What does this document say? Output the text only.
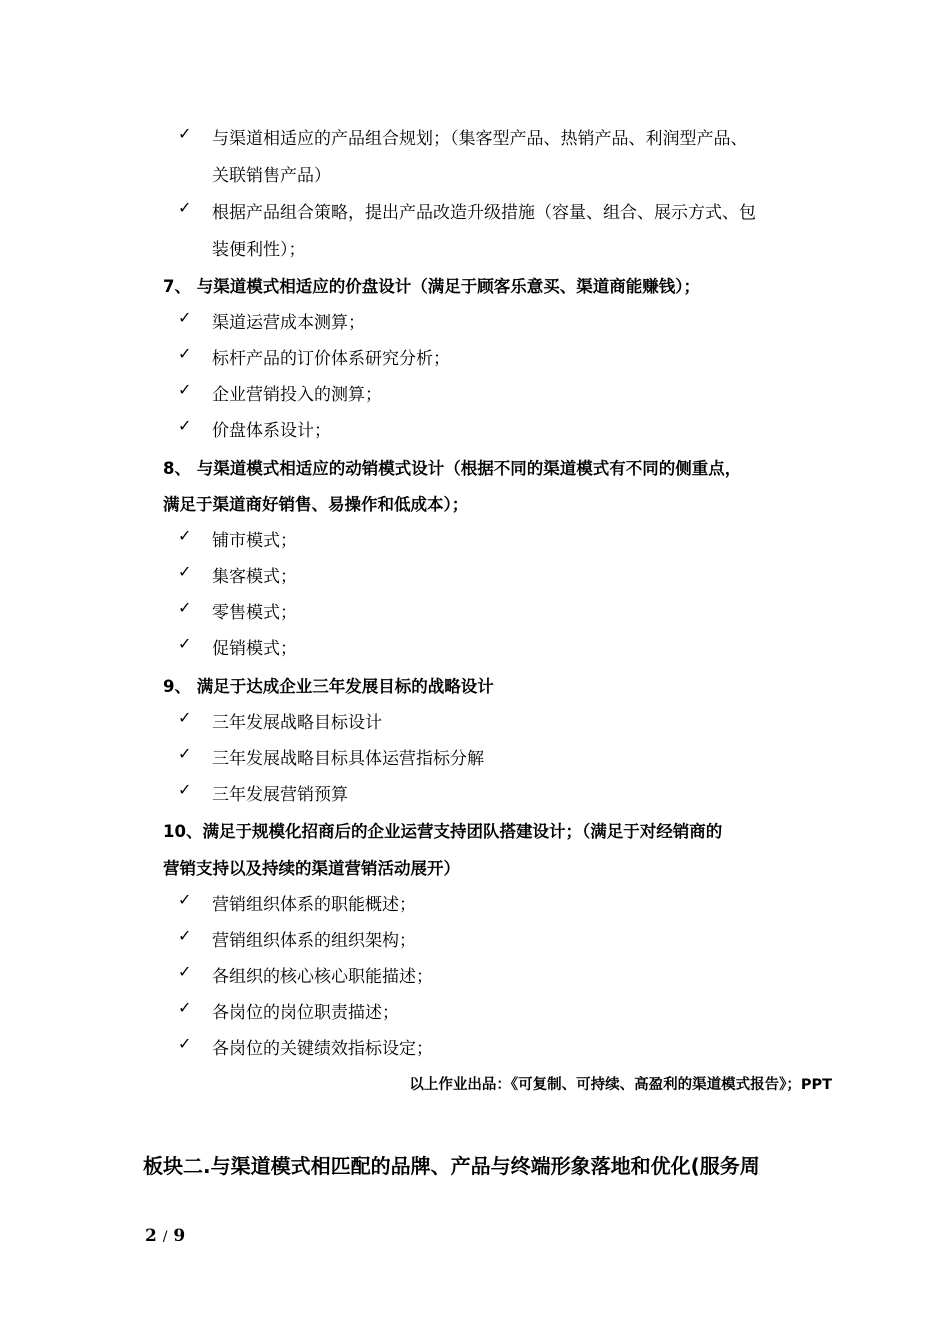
✓	与渠道相适应的产品组合规划；（集客型产品、热销产品、利润型产品、
关联销售产品）
✓	根据产品组合策略，提出产品改造升级措施（容量、组合、展示方式、包
装便利性）；
7、 与渠道模式相适应的价盘设计（满足于顾客乐意买、渠道商能赚钱）；
✓	渠道运营成本测算；
✓	标杆产品的订价体系研究分析；
✓	企业营销投入的测算；
✓	价盘体系设计；
8、 与渠道模式相适应的动销模式设计（根据不同的渠道模式有不同的侧重点，
满足于渠道商好销售、易操作和低成本）；
✓	铺市模式；
✓	集客模式；
✓	零售模式；
✓	促销模式；
9、 满足于达成企业三年发展目标的战略设计
✓	三年发展战略目标设计
✓	三年发展战略目标具体运营指标分解
✓	三年发展营销预算
10、满足于规模化招商后的企业运营支持团队搭建设计；（满足于对经销商的
营销支持以及持续的渠道营销活动展开）
✓	营销组织体系的职能概述；
✓	营销组织体系的组织架构；
✓	各组织的核心核心职能描述；
✓	各岗位的岗位职责描述；
✓	各岗位的关键绩效指标设定；
以上作业出品：《可复制、可持续、高盈利的渠道模式报告》；PPT
板块二.与渠道模式相匹配的品牌、产品与终端形象落地和优化(服务周
2 / 9
